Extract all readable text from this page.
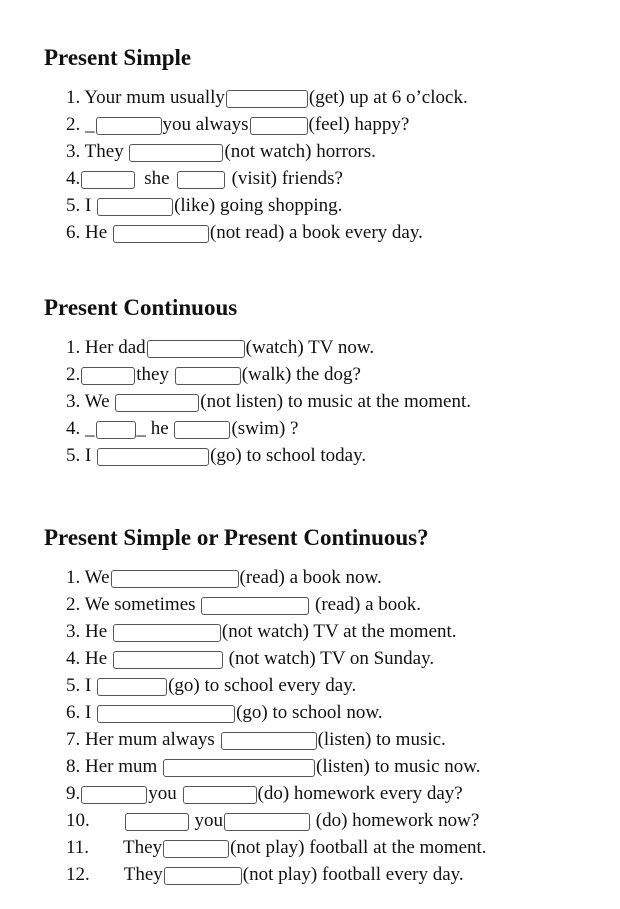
Present Simple
1. Your mum usually	(get) up at 6 o’clock.
2. _	you always	(feel) happy?
3. They	(not watch) horrors.
4.	she	(visit) friends?
5. I	(like) going shopping.
6. He	(not read) a book every day.
Present Continuous
1. Her dad	(watch) TV now.
2.	they	(walk) the dog?
3. We	(not listen) to music at the moment.
4. _ _ he	(swim) ?
5. I	(go) to school today.
Present Simple or Present Continuous?
1. We	(read) a book now.
2. We sometimes	(read) a book.
3. He	(not watch) TV at the moment.
4. He	(not watch) TV on Sunday.
5. I	(go) to school every day.
6. I	(go) to school now.
7. Her mum always	(listen) to music.
8. Her mum	(listen) to music now.
9.	you	(do) homework every day?
10.	you	(do) homework now?
11. They	(not play) football at the moment.
12. They	(not play) football every day.
